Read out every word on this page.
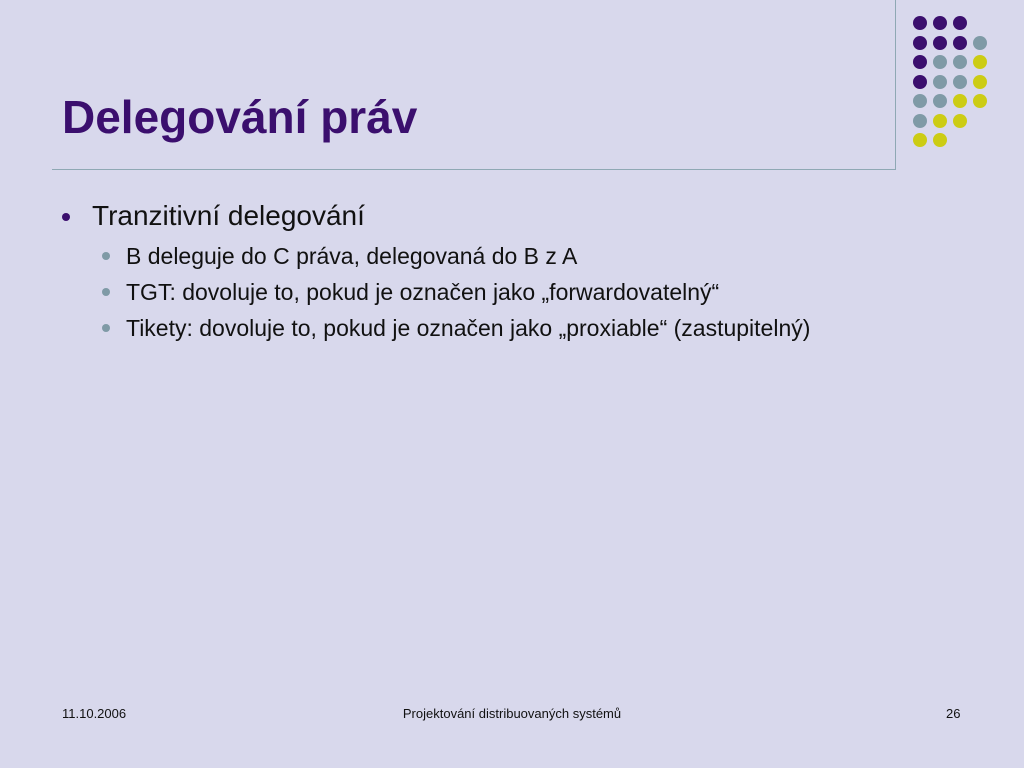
Delegování práv
Tranzitivní delegování
B deleguje do C práva, delegovaná do B z A
TGT: dovoluje to, pokud je označen jako „forwardovatelný“
Tikety: dovoluje to, pokud je označen jako „proxiable“ (zastupitelný)
11.10.2006	Projektování distribuovaných systémů	26
